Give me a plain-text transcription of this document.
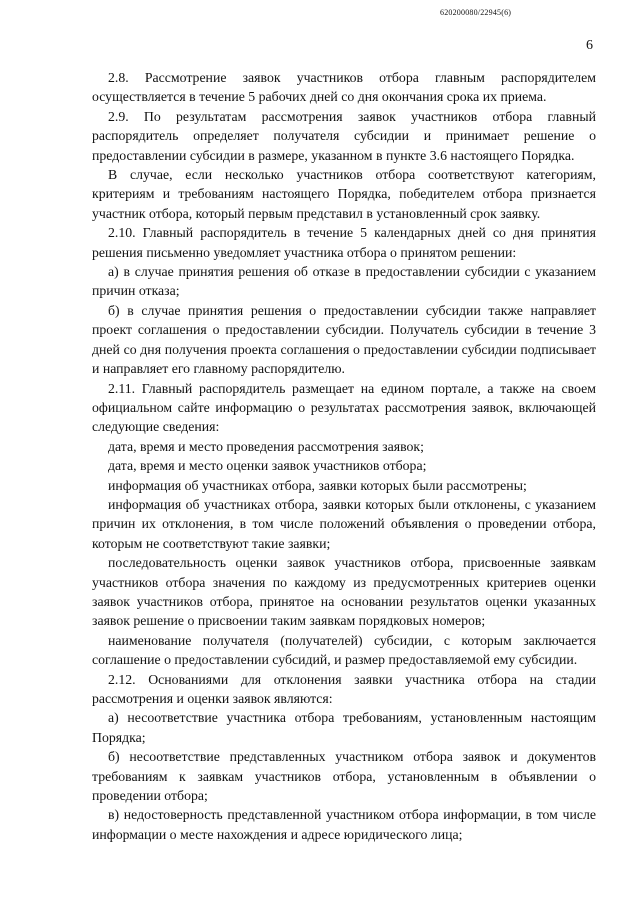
620200080/22945(6)
6

2.8. Рассмотрение заявок участников отбора главным распорядителем осуществляется в течение 5 рабочих дней со дня окончания срока их приема.

2.9. По результатам рассмотрения заявок участников отбора главный распорядитель определяет получателя субсидии и принимает решение о предоставлении субсидии в размере, указанном в пункте 3.6 настоящего Порядка.

В случае, если несколько участников отбора соответствуют категориям, критериям и требованиям настоящего Порядка, победителем отбора признается участник отбора, который первым представил в установленный срок заявку.

2.10. Главный распорядитель в течение 5 календарных дней со дня принятия решения письменно уведомляет участника отбора о принятом решении:

а) в случае принятия решения об отказе в предоставлении субсидии с указанием причин отказа;

б) в случае принятия решения о предоставлении субсидии также направляет проект соглашения о предоставлении субсидии. Получатель субсидии в течение 3 дней со дня получения проекта соглашения о предоставлении субсидии подписывает и направляет его главному распорядителю.

2.11. Главный распорядитель размещает на едином портале, а также на своем официальном сайте информацию о результатах рассмотрения заявок, включающей следующие сведения:

дата, время и место проведения рассмотрения заявок;

дата, время и место оценки заявок участников отбора;

информация об участниках отбора, заявки которых были рассмотрены;

информация об участниках отбора, заявки которых были отклонены, с указанием причин их отклонения, в том числе положений объявления о проведении отбора, которым не соответствуют такие заявки;

последовательность оценки заявок участников отбора, присвоенные заявкам участников отбора значения по каждому из предусмотренных критериев оценки заявок участников отбора, принятое на основании результатов оценки указанных заявок решение о присвоении таким заявкам порядковых номеров;

наименование получателя (получателей) субсидии, с которым заключается соглашение о предоставлении субсидий, и размер предоставляемой ему субсидии.

2.12. Основаниями для отклонения заявки участника отбора на стадии рассмотрения и оценки заявок являются:

а) несоответствие участника отбора требованиям, установленным настоящим Порядка;

б) несоответствие представленных участником отбора заявок и документов требованиям к заявкам участников отбора, установленным в объявлении о проведении отбора;

в) недостоверность представленной участником отбора информации, в том числе информации о месте нахождения и адресе юридического лица;
